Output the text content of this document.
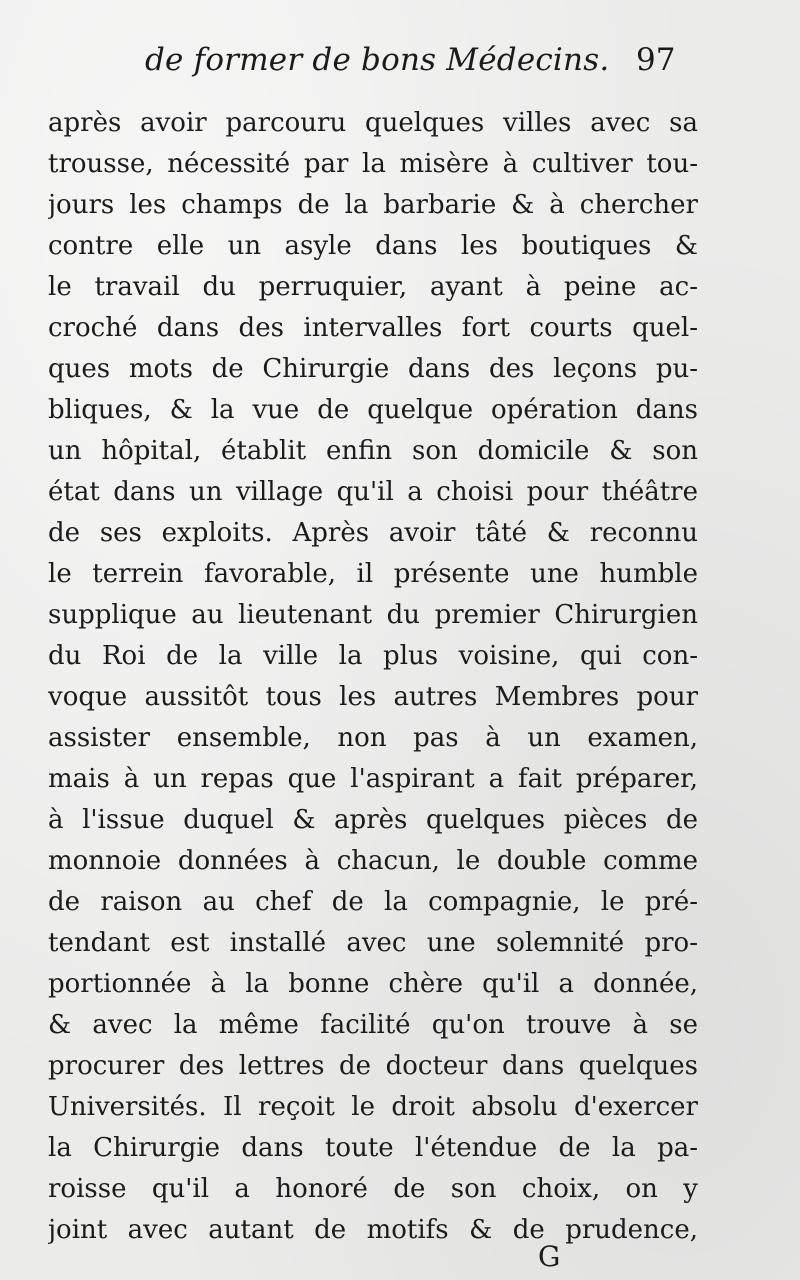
de former de bons Médecins. 97
après avoir parcouru quelques villes avec sa
trousse, nécessité par la misère à cultiver tou-
jours les champs de la barbarie & à chercher
contre elle un asyle dans les boutiques &
le travail du perruquier, ayant à peine ac-
croché dans des intervalles fort courts quel-
ques mots de Chirurgie dans des leçons pu-
bliques, & la vue de quelque opération dans
un hôpital, établit enfin son domicile & son
état dans un village qu'il a choisi pour théâtre
de ses exploits. Après avoir tâté & reconnu
le terrein favorable, il présente une humble
supplique au lieutenant du premier Chirurgien
du Roi de la ville la plus voisine, qui con-
voque aussitôt tous les autres Membres pour
assister ensemble, non pas à un examen,
mais à un repas que l'aspirant a fait préparer,
à l'issue duquel & après quelques pièces de
monnoie données à chacun, le double comme
de raison au chef de la compagnie, le pré-
tendant est installé avec une solemnité pro-
portionnée à la bonne chère qu'il a donnée,
& avec la même facilité qu'on trouve à se
procurer des lettres de docteur dans quelques
Universités. Il reçoit le droit absolu d'exercer
la Chirurgie dans toute l'étendue de la pa-
roisse qu'il a honoré de son choix, on y
joint avec autant de motifs & de prudence,
G
